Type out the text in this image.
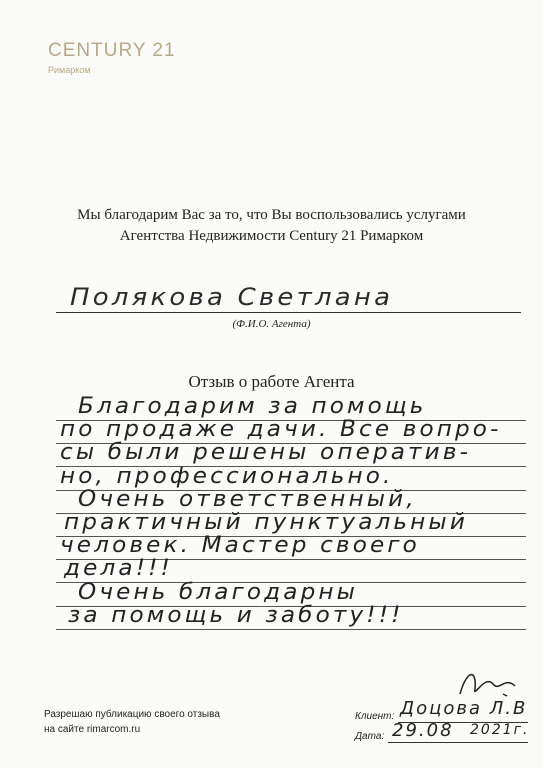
CENTURY 21
Римарком
Мы благодарим Вас за то, что Вы воспользовались услугами
Агентства Недвижимости Century 21 Римарком
Полякова Светлана
(Ф.И.О. Агента)
Отзыв о работе Агента
Благодарим за помощь
по продаже дачи. Все вопро-
сы были решены оператив-
но, профессионально.
Очень ответственный,
практичный пунктуальный
человек. Мастер своего
дела!!!
Очень благодарны
за помощь и заботу!!!
Разрешаю публикацию своего отзыва
на сайте rimarcom.ru
Клиент: Доцова Л.В
Дата: 29.08 2021г.
